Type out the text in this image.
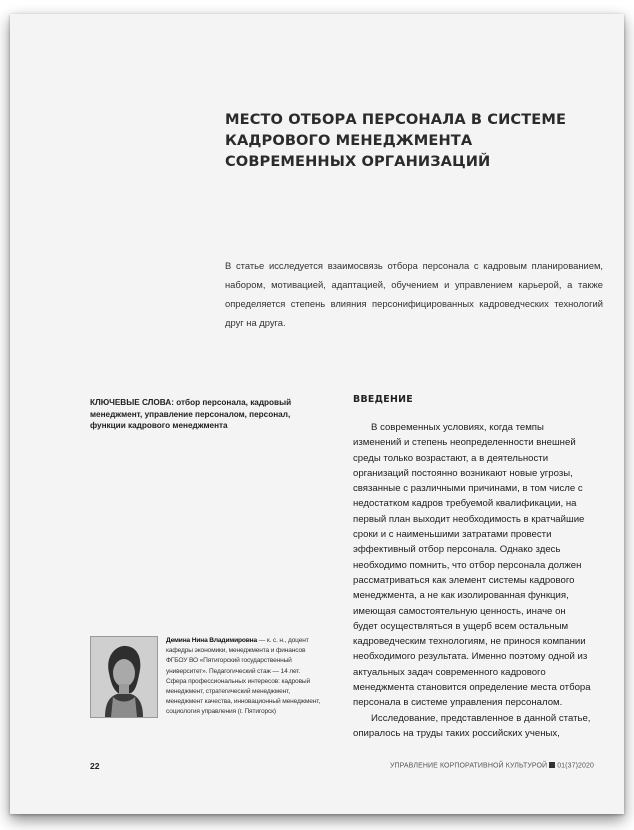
МЕСТО ОТБОРА ПЕРСОНАЛА В СИСТЕМЕ КАДРОВОГО МЕНЕДЖМЕНТА СОВРЕМЕННЫХ ОРГАНИЗАЦИЙ
В статье исследуется взаимосвязь отбора персонала с кадровым планированием, набором, мотивацией, адаптацией, обучением и управлением карьерой, а также определяется степень влияния персонифицированных кадроведческих технологий друг на друга.
КЛЮЧЕВЫЕ СЛОВА: отбор персонала, кадровый менеджмент, управление персоналом, персонал, функции кадрового менеджмента
Демина Нина Владимировна — к. с. н., доцент кафедры экономики, менеджмента и финансов ФГБОУ ВО «Пятигорский государственный университет». Педагогический стаж — 14 лет. Сфера профессиональных интересов: кадровый менеджмент, стратегический менеджмент, менеджмент качества, инновационный менеджмент, социология управления (г. Пятигорск)
ВВЕДЕНИЕ

В современных условиях, когда темпы изменений и степень неопределенности внешней среды только возрастают, а в деятельности организаций постоянно возникают новые угрозы, связанные с различными причинами, в том числе с недостатком кадров требуемой квалификации, на первый план выходит необходимость в кратчайшие сроки и с наименьшими затратами провести эффективный отбор персонала. Однако здесь необходимо помнить, что отбор персонала должен рассматриваться как элемент системы кадрового менеджмента, а не как изолированная функция, имеющая самостоятельную ценность, иначе он будет осуществляться в ущерб всем остальным кадроведческим технологиям, не принося компании необходимого результата. Именно поэтому одной из актуальных задач современного кадрового менеджмента становится определение места отбора персонала в системе управления персоналом.

Исследование, представленное в данной статье, опиралось на труды таких российских ученых,

22	УПРАВЛЕНИЕ КОРПОРАТИВНОЙ КУЛЬТУРОЙ 01(37)2020
